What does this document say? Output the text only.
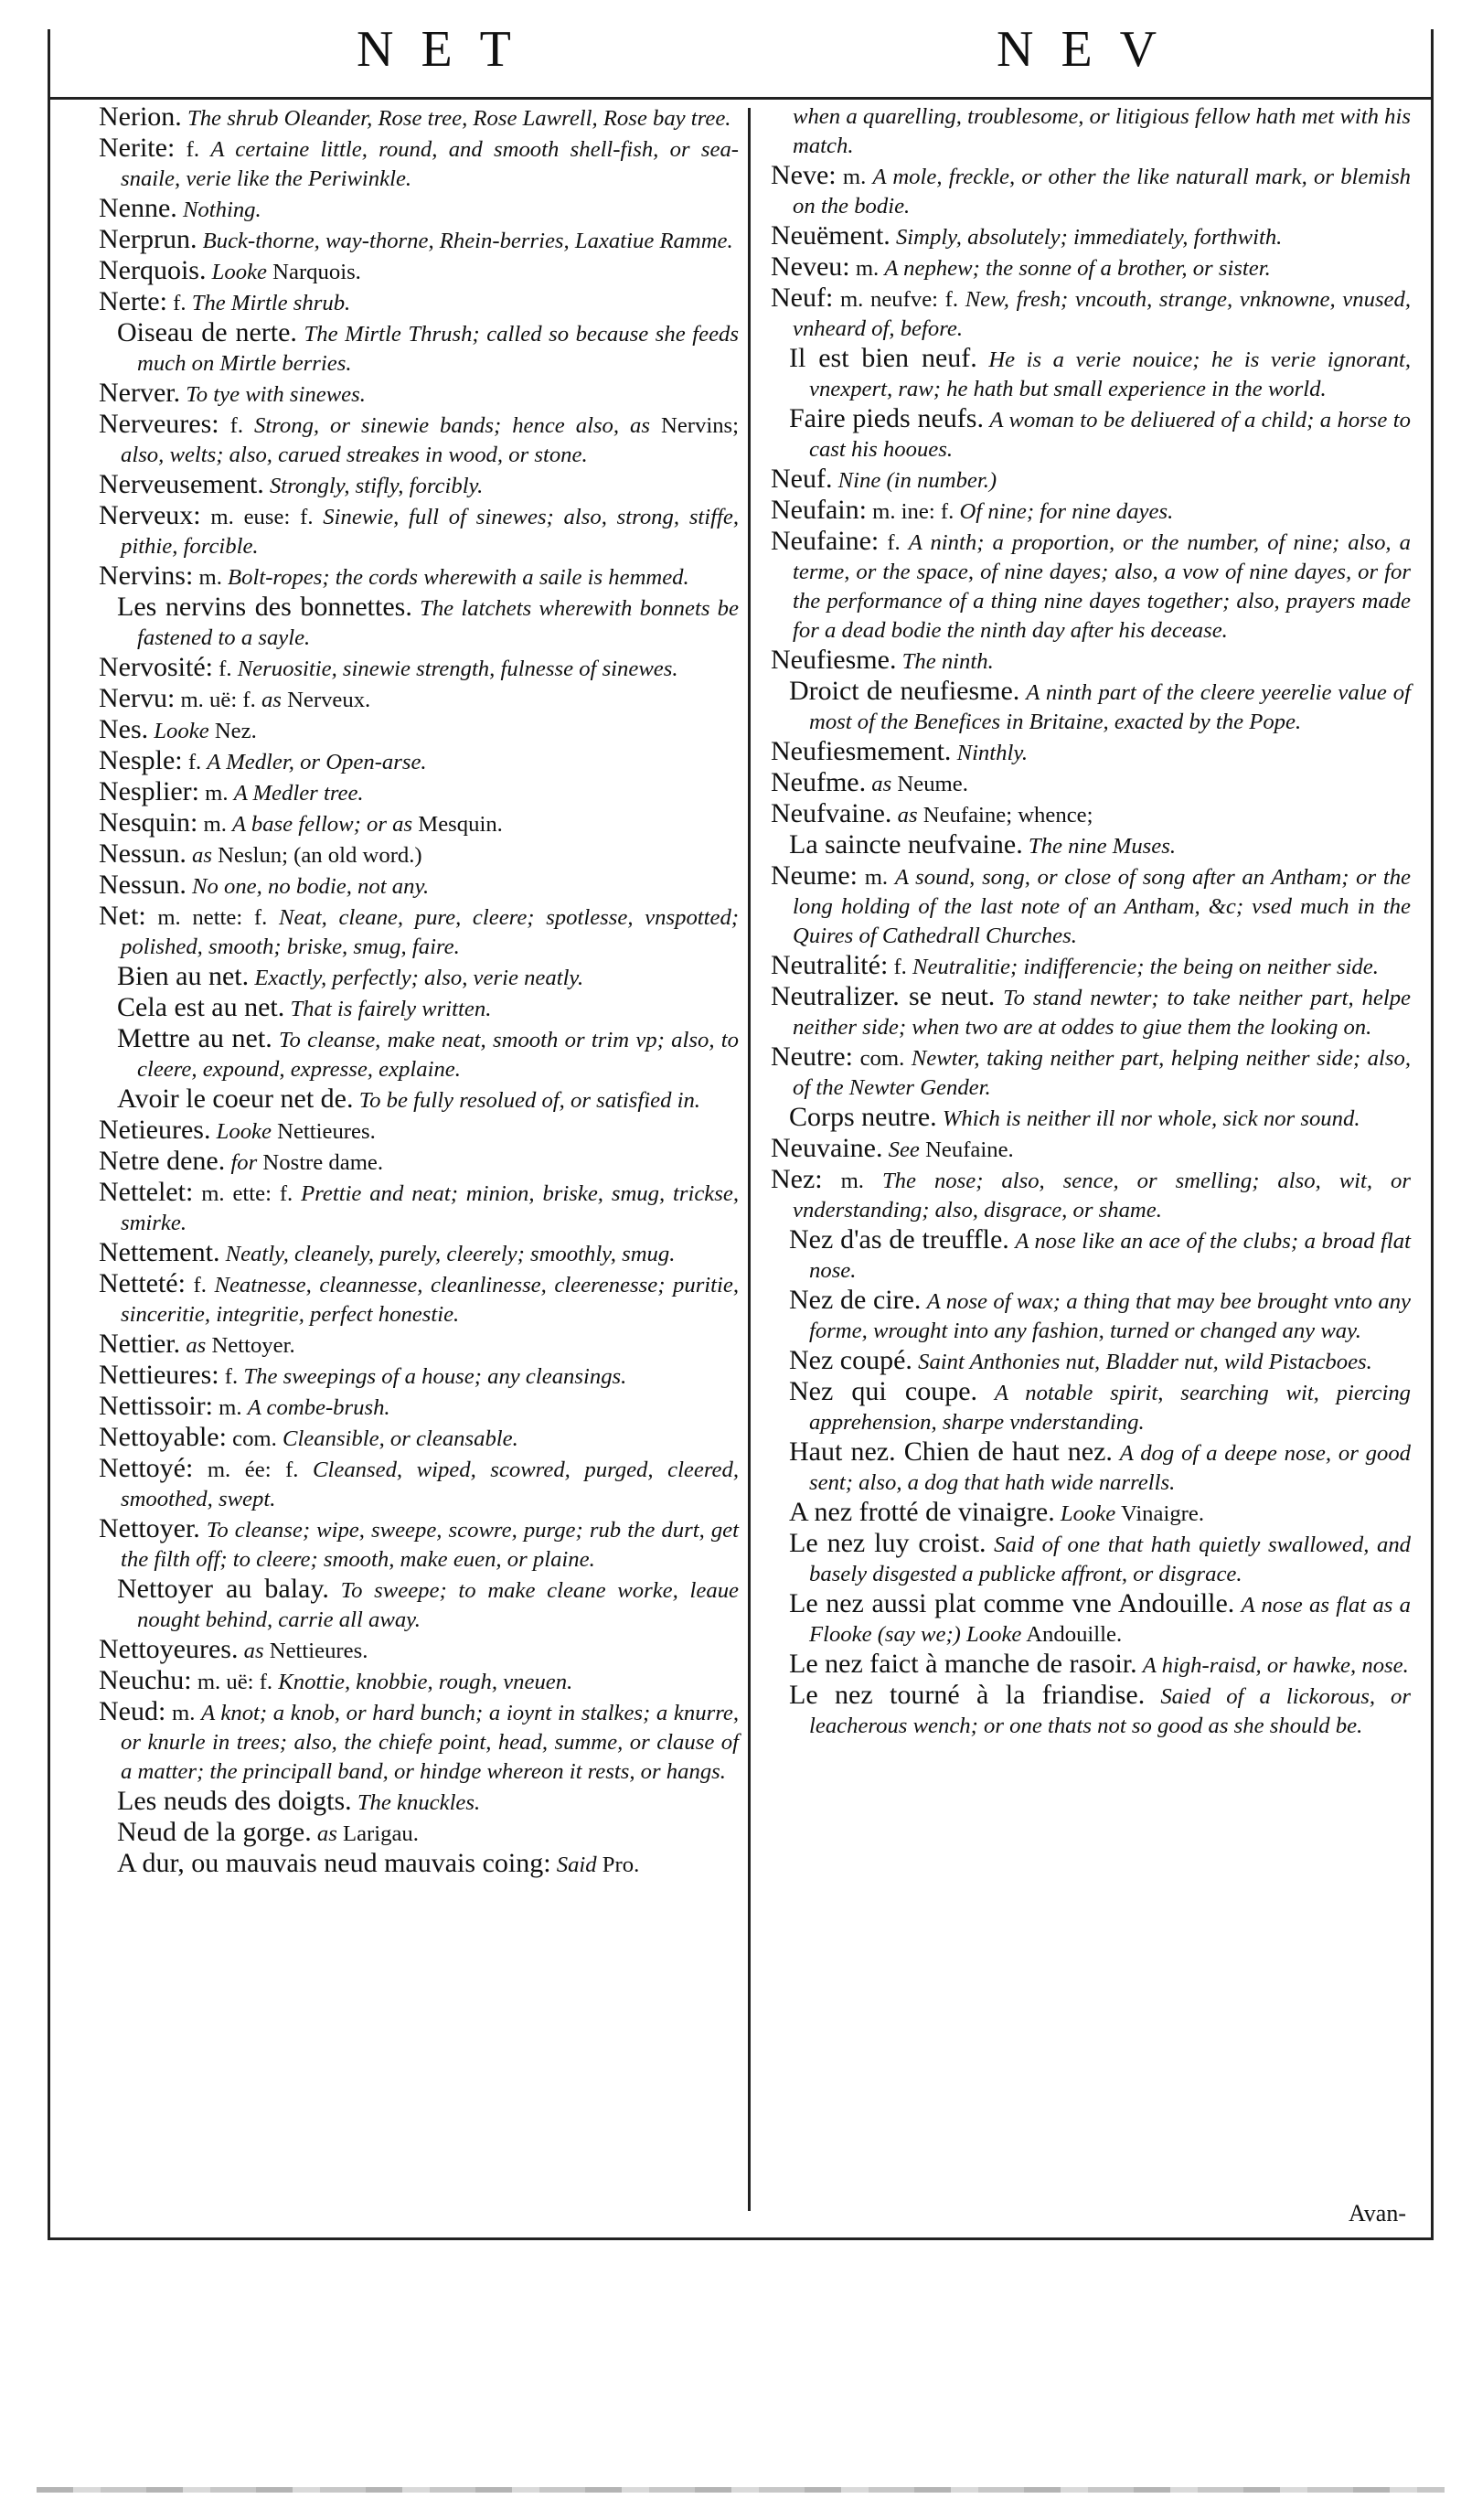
NET	NEV

Nerion. The shrub Oleander, Rose tree, Rose Lawrell, Rose bay tree.

Nerite: f. A certaine little, round, and smooth shell-fish, or sea-snaile, verie like the Periwinkle.

Nenne. Nothing.

Nerprun. Buck-thorne, way-thorne, Rhein-berries, Laxatiue Ramme.

Nerquois. Looke Narquois.

Nerte: f. The Mirtle shrub.

Oiseau de nerte. The Mirtle Thrush; called so because she feeds much on Mirtle berries.

Nerver. To tye with sinewes.

Nerveures: f. Strong, or sinewie bands; hence also, as Nervins; also, welts; also, carued streakes in wood, or stone.

Nerveusement. Strongly, stifly, forcibly.

Nerveux: m. euse: f. Sinewie, full of sinewes; also, strong, stiffe, pithie, forcible.

Nervins: m. Bolt-ropes; the cords wherewith a saile is hemmed.

Les nervins des bonnettes. The latchets wherewith bonnets be fastened to a sayle.

Nervosité: f. Neruositie, sinewie strength, fulnesse of sinewes.

Nervu: m. uë: f. as Nerveux.

Nes. Looke Nez.

Nesple: f. A Medler, or Open-arse.

Nesplier: m. A Medler tree.

Nesquin: m. A base fellow; or as Mesquin.

Nessun. as Neslun; (an old word.)

Nessun. No one, no bodie, not any.

Net: m. nette: f. Neat, cleane, pure, cleere; spotlesse, vnspotted; polished, smooth; briske, smug, faire.

Bien au net. Exactly, perfectly; also, verie neatly.

Cela est au net. That is fairely written.

Mettre au net. To cleanse, make neat, smooth or trim vp; also, to cleere, expound, expresse, explaine.

Avoir le coeur net de. To be fully resolued of, or satisfied in.

Netieures. Looke Nettieures.

Netre dene. for Nostre dame.

Nettelet: m. ette: f. Prettie and neat; minion, briske, smug, trickse, smirke.

Nettement. Neatly, cleanely, purely, cleerely; smoothly, smug.

Netteté: f. Neatnesse, cleannesse, cleanlinesse, cleerenesse; puritie, sinceritie, integritie, perfect honestie.

Nettier. as Nettoyer.

Nettieures: f. The sweepings of a house; any cleansings.

Nettissoir: m. A combe-brush.

Nettoyable: com. Cleansible, or cleansable.

Nettoyé: m. ée: f. Cleansed, wiped, scowred, purged, cleered, smoothed, swept.

Nettoyer. To cleanse; wipe, sweepe, scowre, purge; rub the durt, get the filth off; to cleere; smooth, make euen, or plaine.

Nettoyer au balay. To sweepe; to make cleane worke, leaue nought behind, carrie all away.

Nettoyeures. as Nettieures.

Neuchu: m. uë: f. Knottie, knobbie, rough, vneuen.

Neud: m. A knot; a knob, or hard bunch; a ioynt in stalkes; a knurre, or knurle in trees; also, the chiefe point, head, summe, or clause of a matter; the principall band, or hindge whereon it rests, or hangs.

Les neuds des doigts. The knuckles.

Neud de la gorge. as Larigau.

A dur, ou mauvais neud mauvais coing: Said Pro.

when a quarelling, troublesome, or litigious fellow hath met with his match.

Neve: m. A mole, freckle, or other the like naturall mark, or blemish on the bodie.

Neuëment. Simply, absolutely; immediately, forthwith.

Neveu: m. A nephew; the sonne of a brother, or sister.

Neuf: m. neufve: f. New, fresh; vncouth, strange, vnknowne, vnused, vnheard of, before.

Il est bien neuf. He is a verie nouice; he is verie ignorant, vnexpert, raw; he hath but small experience in the world.

Faire pieds neufs. A woman to be deliuered of a child; a horse to cast his hooues.

Neuf. Nine (in number.)

Neufain: m. ine: f. Of nine; for nine dayes.

Neufaine: f. A ninth; a proportion, or the number, of nine; also, a terme, or the space, of nine dayes; also, a vow of nine dayes, or for the performance of a thing nine dayes together; also, prayers made for a dead bodie the ninth day after his decease.

Neufiesme. The ninth.

Droict de neufiesme. A ninth part of the cleere yeerelie value of most of the Benefices in Britaine, exacted by the Pope.

Neufiesmement. Ninthly.

Neufme. as Neume.

Neufvaine. as Neufaine; whence;

La saincte neufvaine. The nine Muses.

Neume: m. A sound, song, or close of song after an Antham; or the long holding of the last note of an Antham, &c; vsed much in the Quires of Cathedrall Churches.

Neutralité: f. Neutralitie; indifferencie; the being on neither side.

Neutralizer. se neut. To stand newter; to take neither part, helpe neither side; when two are at oddes to giue them the looking on.

Neutre: com. Newter, taking neither part, helping neither side; also, of the Newter Gender.

Corps neutre. Which is neither ill nor whole, sick nor sound.

Neuvaine. See Neufaine.

Nez: m. The nose; also, sence, or smelling; also, wit, or vnderstanding; also, disgrace, or shame.

Nez d'as de treuffle. A nose like an ace of the clubs; a broad flat nose.

Nez de cire. A nose of wax; a thing that may bee brought vnto any forme, wrought into any fashion, turned or changed any way.

Nez coupé. Saint Anthonies nut, Bladder nut, wild Pistacboes.

Nez qui coupe. A notable spirit, searching wit, piercing apprehension, sharpe vnderstanding.

Haut nez. Chien de haut nez. A dog of a deepe nose, or good sent; also, a dog that hath wide narrells.

A nez frotté de vinaigre. Looke Vinaigre.

Le nez luy croist. Said of one that hath quietly swallowed, and basely disgested a publicke affront, or disgrace.

Le nez aussi plat comme vne Andouille. A nose as flat as a Flooke (say we;) Looke Andouille.

Le nez faict à manche de rasoir. A high-raisd, or hawke, nose.

Le nez tourné à la friandise. Saied of a lickorous, or leacherous wench; or one thats not so good as she should be.

Avan-
